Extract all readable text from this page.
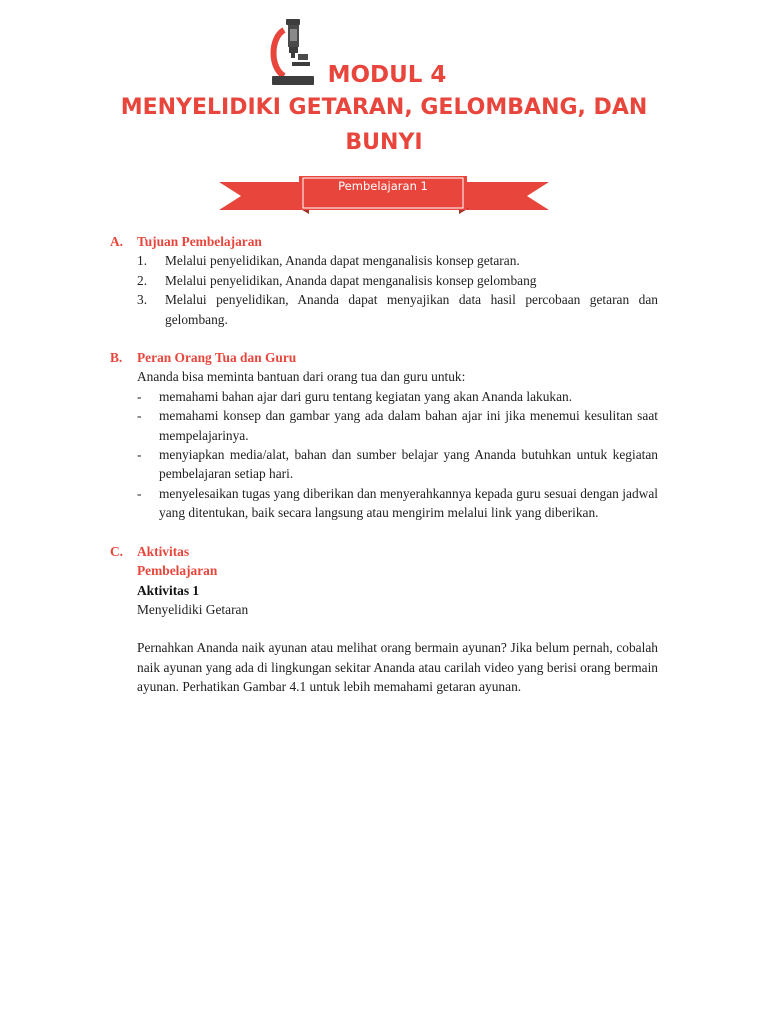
MODUL 4
MENYELIDIKI GETARAN, GELOMBANG, DAN BUNYI
Pembelajaran 1
A.	Tujuan Pembelajaran
1.	Melalui penyelidikan, Ananda dapat menganalisis konsep getaran.
2.	Melalui penyelidikan, Ananda dapat menganalisis konsep gelombang
3.	Melalui penyelidikan, Ananda dapat menyajikan data hasil percobaan getaran dan gelombang.
B.	Peran Orang Tua dan Guru
Ananda bisa meminta bantuan dari orang tua dan guru untuk:
-	memahami bahan ajar dari guru tentang kegiatan yang akan Ananda lakukan.
-	memahami konsep dan gambar yang ada dalam bahan ajar ini jika menemui kesulitan saat mempelajarinya.
-	menyiapkan media/alat, bahan dan sumber belajar yang Ananda butuhkan untuk kegiatan pembelajaran setiap hari.
-	menyelesaikan tugas yang diberikan dan menyerahkannya kepada guru sesuai dengan jadwal yang ditentukan, baik secara langsung atau mengirim melalui link yang diberikan.
C.	Aktivitas
Pembelajaran
Aktivitas 1
Menyelidiki Getaran
Pernahkan Ananda naik ayunan atau melihat orang bermain ayunan? Jika belum pernah, cobalah naik ayunan yang ada di lingkungan sekitar Ananda atau carilah video yang berisi orang bermain ayunan. Perhatikan Gambar 4.1 untuk lebih memahami getaran ayunan.
